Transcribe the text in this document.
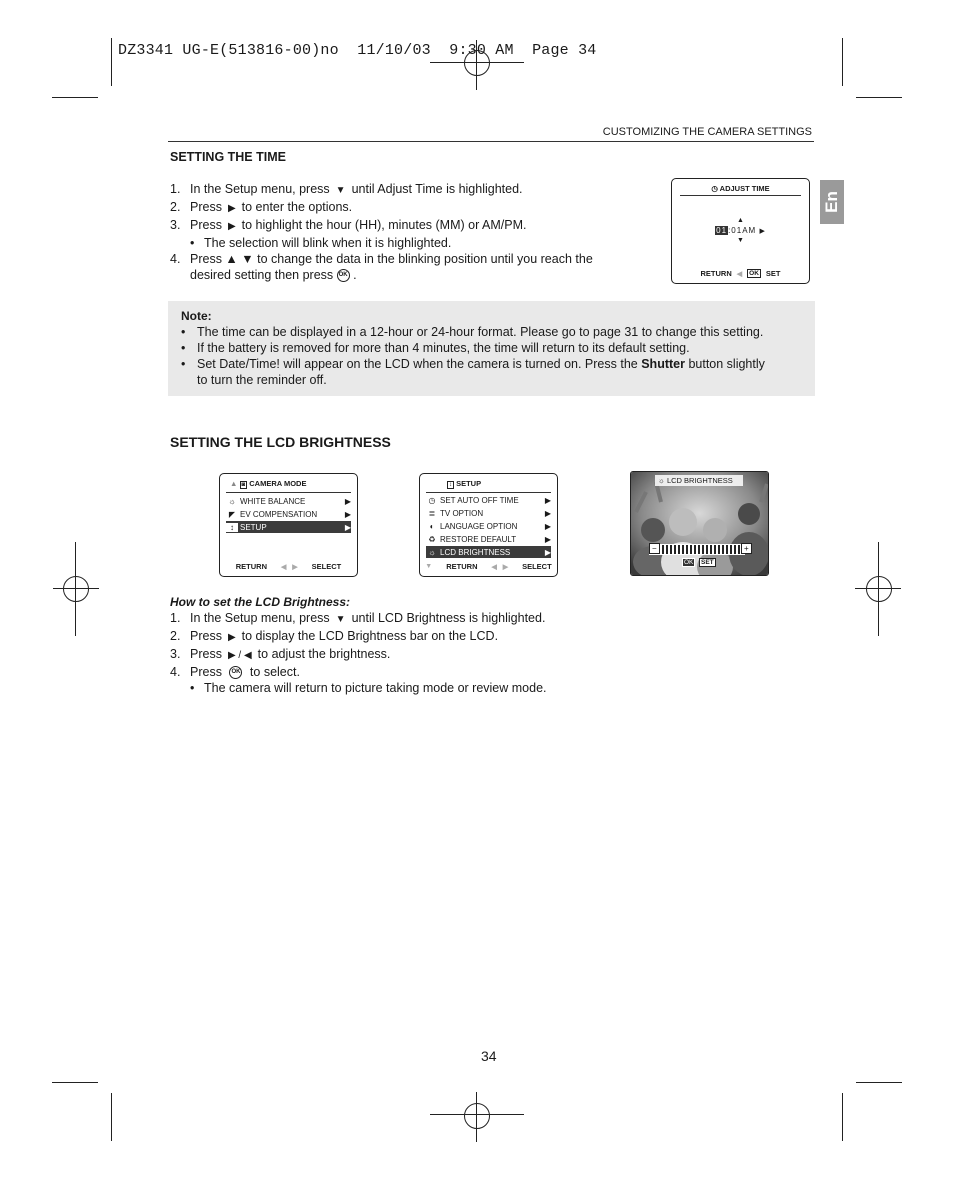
DZ3341 UG-E(513816-00)no  11/10/03  9:30 AM  Page 34
CUSTOMIZING THE CAMERA SETTINGS
En
SETTING THE TIME
1. In the Setup menu, press ▼ until Adjust Time is highlighted.
2. Press ▶ to enter the options.
3. Press ▶ to highlight the hour (HH), minutes (MM) or AM/PM.
• The selection will blink when it is highlighted.
4. Press ▲ ▼ to change the data in the blinking position until you reach the
desired setting then press OK .
◷ ADJUST TIME
▲
01:01AM ▶
▼
RETURN ◀	OK SET
Note:
• The time can be displayed in a 12-hour or 24-hour format. Please go to page 31 to change this setting.
• If the battery is removed for more than 4 minutes, the time will return to its default setting.
• Set Date/Time! will appear on the LCD when the camera is turned on. Press the Shutter button slightly
to turn the reminder off.
SETTING THE LCD BRIGHTNESS
▲ ◙ CAMERA MODE
☼ WHITE BALANCE	▶
◤ EV COMPENSATION	▶
↕ SETUP	▶
RETURN ◀   ▶ SELECT
↕ SETUP
◷ SET AUTO OFF TIME	▶
≣ TV OPTION	▶
◐ LANGUAGE OPTION	▶
♻ RESTORE DEFAULT	▶
☼ LCD BRIGHTNESS	▶
▼ RETURN ◀   ▶ SELECT
☼ LCD BRIGHTNESS
−	+
OK	SET
How to set the LCD Brightness:
1. In the Setup menu, press ▼ until LCD Brightness is highlighted.
2. Press ▶ to display the LCD Brightness bar on the LCD.
3. Press ▶ / ◀ to adjust the brightness.
4. Press OK to select.
• The camera will return to picture taking mode or review mode.
34
